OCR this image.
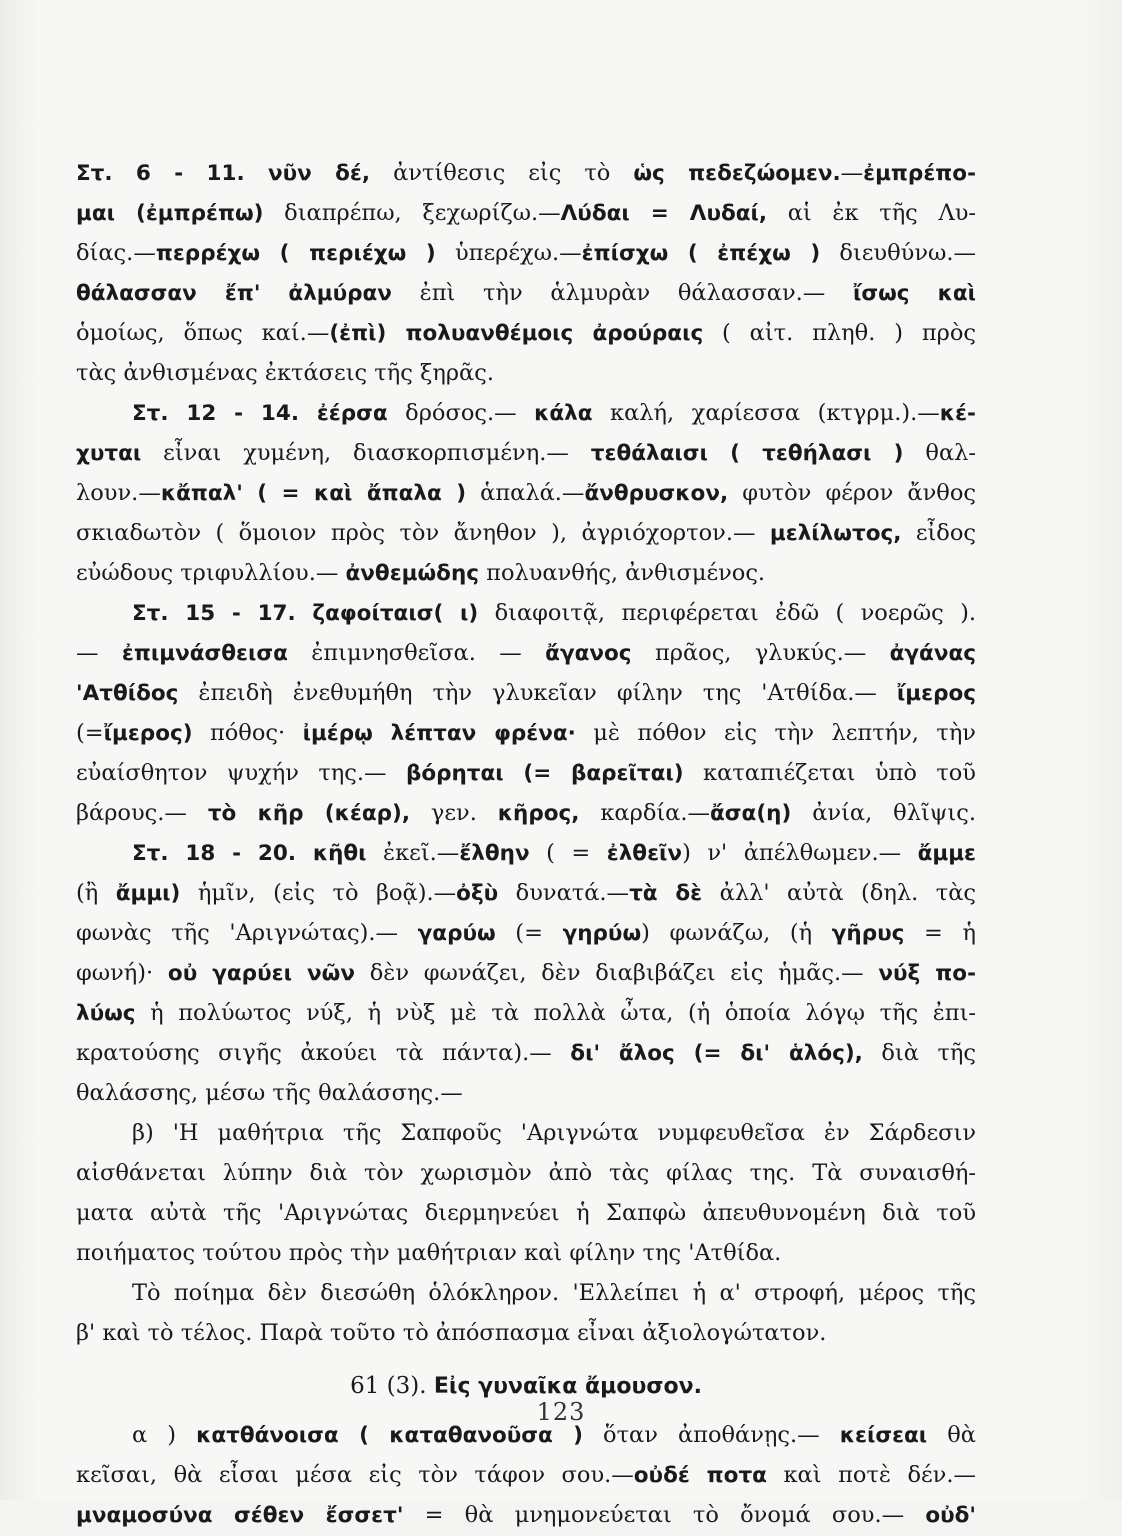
Στ. 6 - 11. νῦν δέ, ἀντίθεσις εἰς τὸ ὡς πεδεζώομεν.—ἐμπρέπο-
μαι (ἐμπρέπω) διαπρέπω, ξεχωρίζω.—Λύδαι = Λυδαί, αἱ ἐκ τῆς Λυ-
δίας.—περρέχω ( περιέχω ) ὑπερέχω.—ἐπίσχω ( ἐπέχω ) διευθύνω.—
θάλασσαν ἔπ' ἀλμύραν ἐπὶ τὴν ἁλμυρὰν θάλασσαν.— ἴσως καὶ
ὁμοίως, ὅπως καί.—(ἐπὶ) πολυανθέμοις ἀρούραις ( αἰτ. πληθ. ) πρὸς
τὰς ἀνθισμένας ἐκτάσεις τῆς ξηρᾶς.
Στ. 12 - 14. ἐέρσα δρόσος.— κάλα καλή, χαρίεσσα (κτγρμ.).—κέ-
χυται εἶναι χυμένη, διασκορπισμένη.— τεθάλαισι ( τεθήλασι ) θαλ-
λουν.—κἄπαλ' ( = καὶ ἄπαλα ) ἁπαλά.—ἄνθρυσκον, φυτὸν φέρον ἄνθος
σκιαδωτὸν ( ὅμοιον πρὸς τὸν ἄνηθον ), ἀγριόχορτον.— μελίλωτος, εἶδος
εὐώδους τριφυλλίου.— ἀνθεμώδης πολυανθής, ἀνθισμένος.
Στ. 15 - 17. ζαφοίταισ( ι) διαφοιτᾷ, περιφέρεται ἐδῶ ( νοερῶς ).
— ἐπιμνάσθεισα ἐπιμνησθεῖσα. — ἄγανος πρᾶος, γλυκύς.— ἀγάνας
'Ατθίδος ἐπειδὴ ἐνεθυμήθη τὴν γλυκεῖαν φίλην της 'Ατθίδα.— ἴμερος
(=ἴμερος) πόθος· ἰμέρῳ λέπταν φρένα· μὲ πόθον εἰς τὴν λεπτήν, τὴν
εὐαίσθητον ψυχήν της.— βόρηται (= βαρεῖται) καταπιέζεται ὑπὸ τοῦ
βάρους.— τὸ κῆρ (κέαρ), γεν. κῆρος, καρδία.—ἄσα(η) ἀνία, θλῖψις.
Στ. 18 - 20. κῆθι ἐκεῖ.—ἔλθην ( = ἐλθεῖν) ν' ἀπέλθωμεν.— ἄμμε
(ἢ ἄμμι) ἡμῖν, (εἰς τὸ βοᾷ).—ὀξὺ δυνατά.—τὰ δὲ ἀλλ' αὐτὰ (δηλ. τὰς
φωνὰς τῆς 'Αριγνώτας).— γαρύω (= γηρύω) φωνάζω, (ἡ γῆρυς = ἡ
φωνή)· οὐ γαρύει νῶν δὲν φωνάζει, δὲν διαβιβάζει εἰς ἡμᾶς.— νύξ πο-
λύως ἡ πολύωτος νύξ, ἡ νὺξ μὲ τὰ πολλὰ ὦτα, (ἡ ὁποία λόγῳ τῆς ἐπι-
κρατούσης σιγῆς ἀκούει τὰ πάντα).— δι' ἄλος (= δι' ἁλός), διὰ τῆς
θαλάσσης, μέσω τῆς θαλάσσης.—
β) 'Η μαθήτρια τῆς Σαπφοῦς 'Αριγνώτα νυμφευθεῖσα ἐν Σάρδεσιν
αἰσθάνεται λύπην διὰ τὸν χωρισμὸν ἀπὸ τὰς φίλας της. Τὰ συναισθή-
ματα αὐτὰ τῆς 'Αριγνώτας διερμηνεύει ἡ Σαπφὼ ἀπευθυνομένη διὰ τοῦ
ποιήματος τούτου πρὸς τὴν μαθήτριαν καὶ φίλην της 'Ατθίδα.
Τὸ ποίημα δὲν διεσώθη ὁλόκληρον. 'Ελλείπει ἡ α' στροφή, μέρος τῆς
β' καὶ τὸ τέλος. Παρὰ τοῦτο τὸ ἀπόσπασμα εἶναι ἀξιολογώτατον.
61 (3). Εἰς γυναῖκα ἄμουσον.
α ) κατθάνοισα ( καταθανοῦσα ) ὅταν ἀποθάνῃς.— κείσεαι θὰ
κεῖσαι, θὰ εἶσαι μέσα εἰς τὸν τάφον σου.—οὐδέ ποτα καὶ ποτὲ δέν.—
μναμοσύνα σέθεν ἔσσετ' = θὰ μνημονεύεται τὸ ὄνομά σου.— οὐδ'
123
